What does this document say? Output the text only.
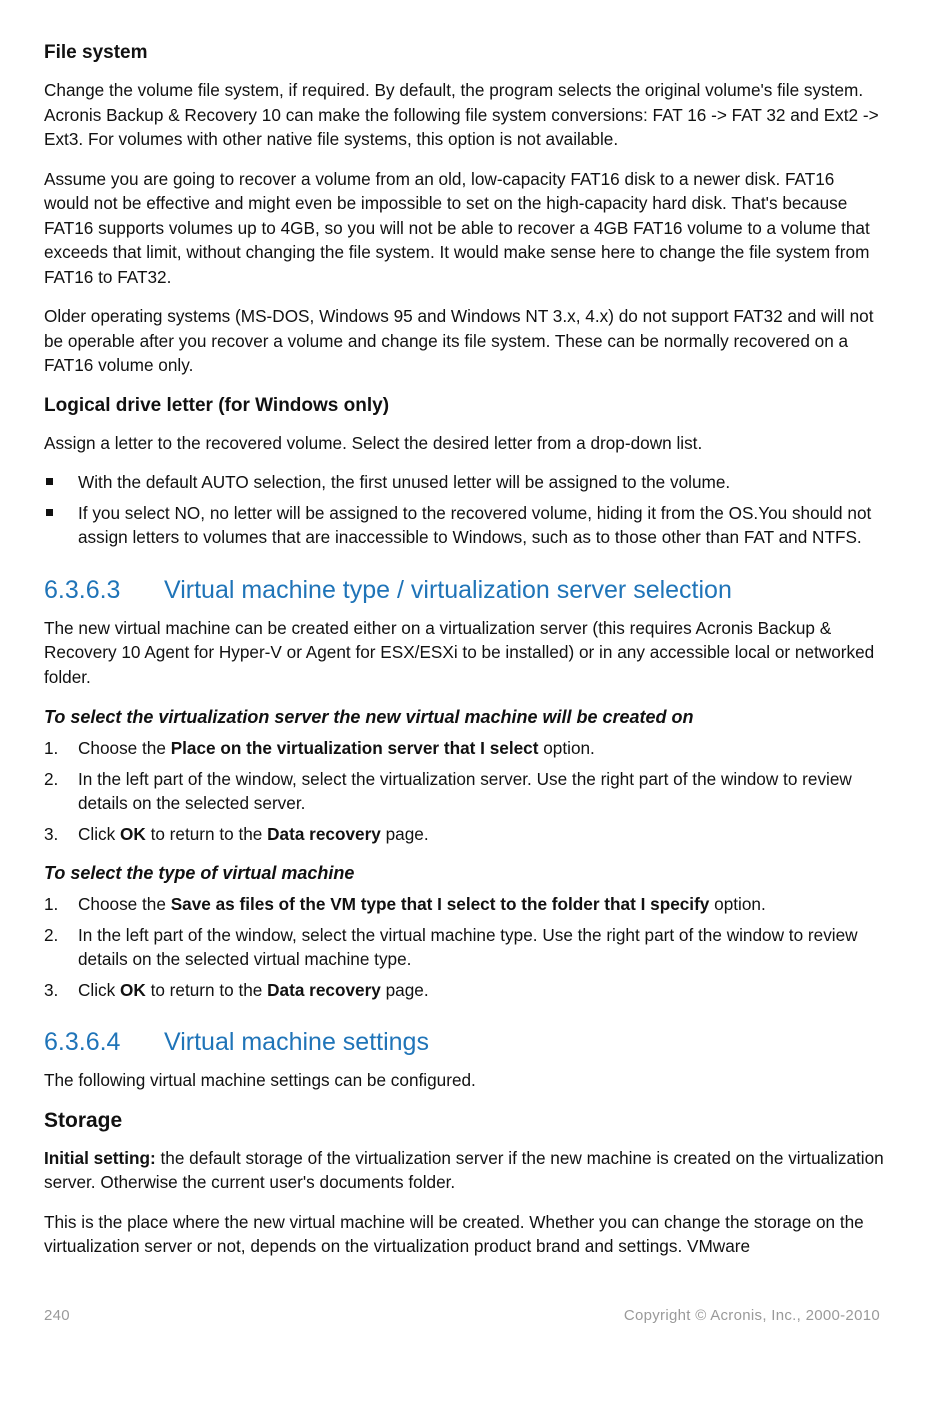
File system

Change the volume file system, if required. By default, the program selects the original volume's file system. Acronis Backup & Recovery 10 can make the following file system conversions: FAT 16 -> FAT 32 and Ext2 -> Ext3. For volumes with other native file systems, this option is not available.

Assume you are going to recover a volume from an old, low-capacity FAT16 disk to a newer disk. FAT16 would not be effective and might even be impossible to set on the high-capacity hard disk. That's because FAT16 supports volumes up to 4GB, so you will not be able to recover a 4GB FAT16 volume to a volume that exceeds that limit, without changing the file system. It would make sense here to change the file system from FAT16 to FAT32.

Older operating systems (MS-DOS, Windows 95 and Windows NT 3.x, 4.x) do not support FAT32 and will not be operable after you recover a volume and change its file system. These can be normally recovered on a FAT16 volume only.

Logical drive letter (for Windows only)

Assign a letter to the recovered volume. Select the desired letter from a drop-down list.

With the default AUTO selection, the first unused letter will be assigned to the volume.
If you select NO, no letter will be assigned to the recovered volume, hiding it from the OS.You should not assign letters to volumes that are inaccessible to Windows, such as to those other than FAT and NTFS.
6.3.6.3	Virtual machine type / virtualization server selection

The new virtual machine can be created either on a virtualization server (this requires Acronis Backup & Recovery 10 Agent for Hyper-V or Agent for ESX/ESXi to be installed) or in any accessible local or networked folder.

To select the virtualization server the new virtual machine will be created on
1. Choose the Place on the virtualization server that I select option.
2. In the left part of the window, select the virtualization server. Use the right part of the window to review details on the selected server.
3. Click OK to return to the Data recovery page.
To select the type of virtual machine
1. Choose the Save as files of the VM type that I select to the folder that I specify option.
2. In the left part of the window, select the virtual machine type. Use the right part of the window to review details on the selected virtual machine type.
3. Click OK to return to the Data recovery page.
6.3.6.4	Virtual machine settings

The following virtual machine settings can be configured.

Storage

Initial setting: the default storage of the virtualization server if the new machine is created on the virtualization server. Otherwise the current user's documents folder.

This is the place where the new virtual machine will be created. Whether you can change the storage on the virtualization server or not, depends on the virtualization product brand and settings. VMware

240	Copyright © Acronis, Inc., 2000-2010
